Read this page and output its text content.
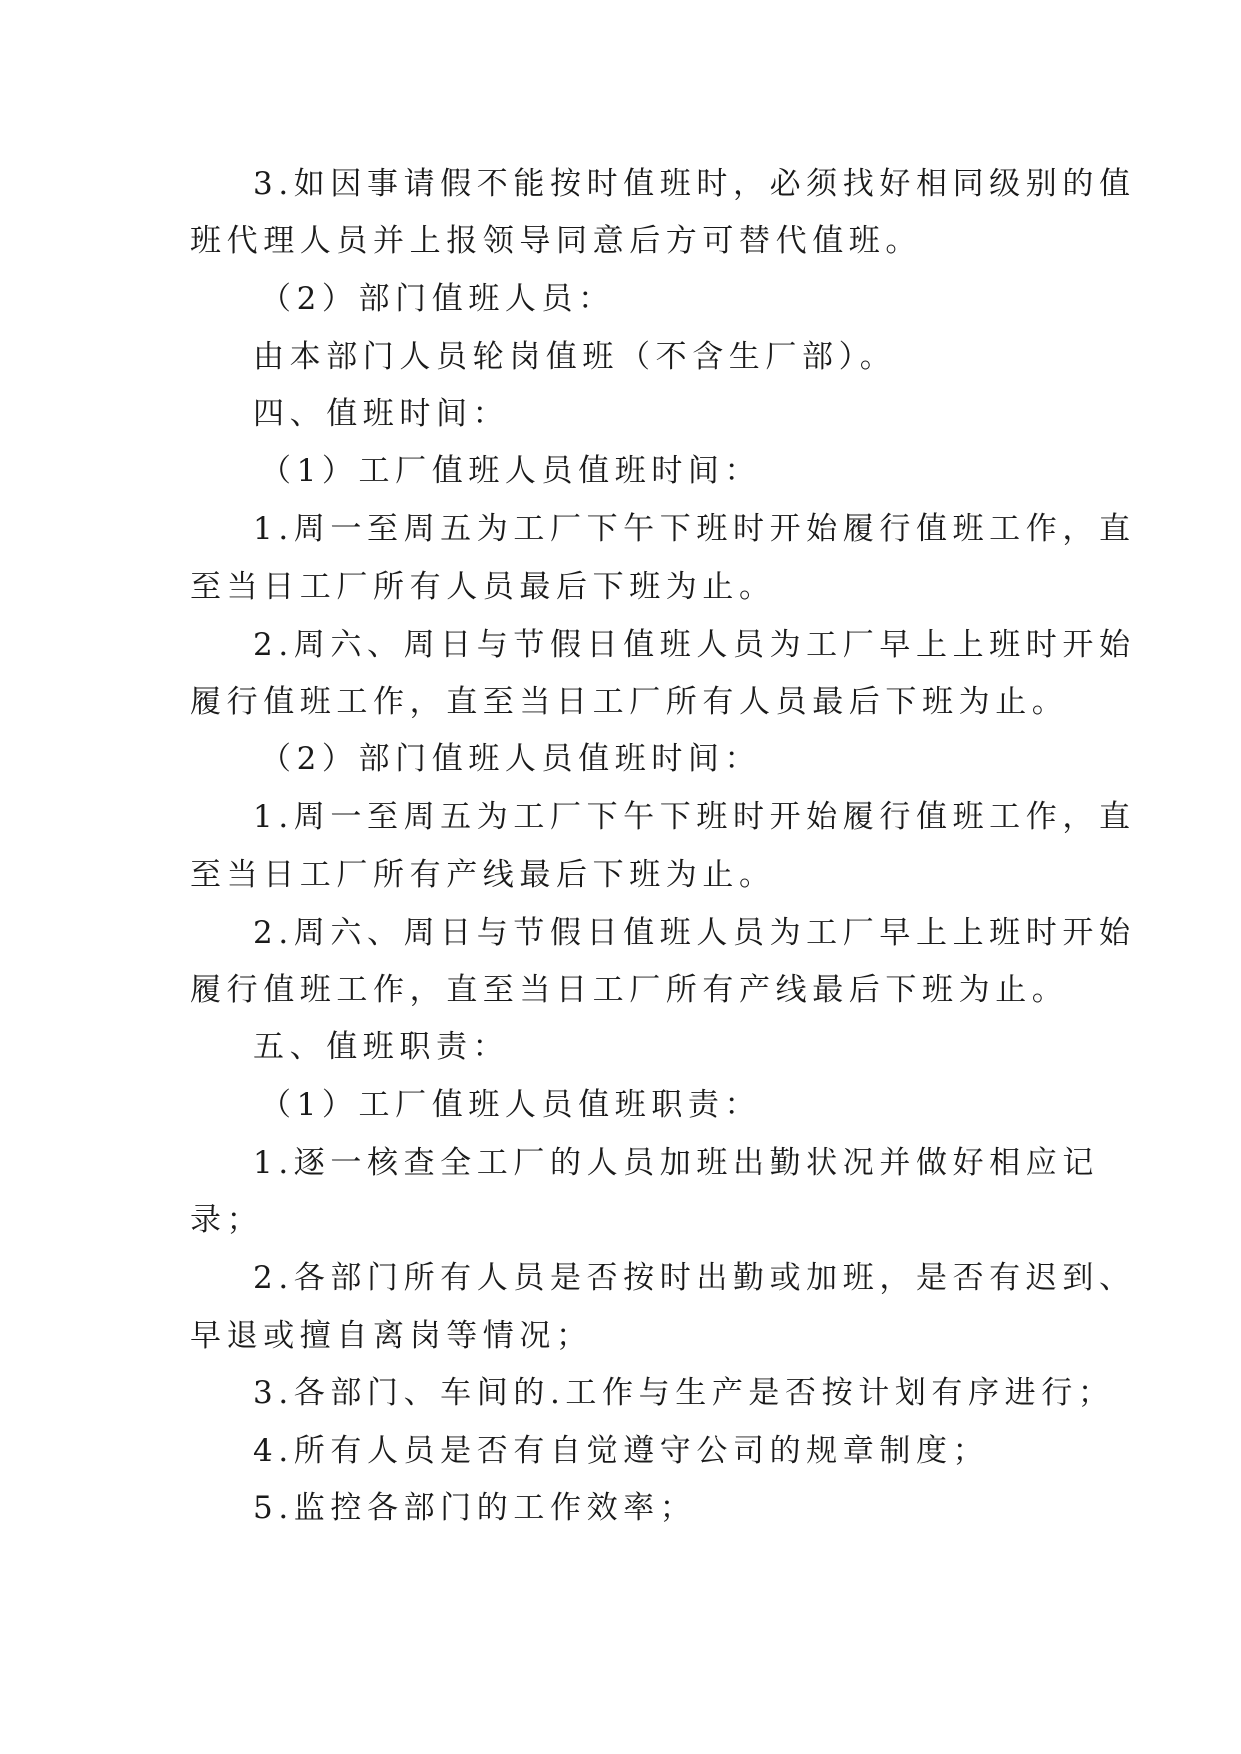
3.如因事请假不能按时值班时，必须找好相同级别的值
班代理人员并上报领导同意后方可替代值班。
（2）部门值班人员：
由本部门人员轮岗值班（不含生厂部）。
四、值班时间：
（1）工厂值班人员值班时间：
1.周一至周五为工厂下午下班时开始履行值班工作，直
至当日工厂所有人员最后下班为止。
2.周六、周日与节假日值班人员为工厂早上上班时开始
履行值班工作，直至当日工厂所有人员最后下班为止。
（2）部门值班人员值班时间：
1.周一至周五为工厂下午下班时开始履行值班工作，直
至当日工厂所有产线最后下班为止。
2.周六、周日与节假日值班人员为工厂早上上班时开始
履行值班工作，直至当日工厂所有产线最后下班为止。
五、值班职责：
（1）工厂值班人员值班职责：
1.逐一核查全工厂的人员加班出勤状况并做好相应记
录；
2.各部门所有人员是否按时出勤或加班，是否有迟到、
早退或擅自离岗等情况；
3.各部门、车间的.工作与生产是否按计划有序进行；
4.所有人员是否有自觉遵守公司的规章制度；
5.监控各部门的工作效率；
